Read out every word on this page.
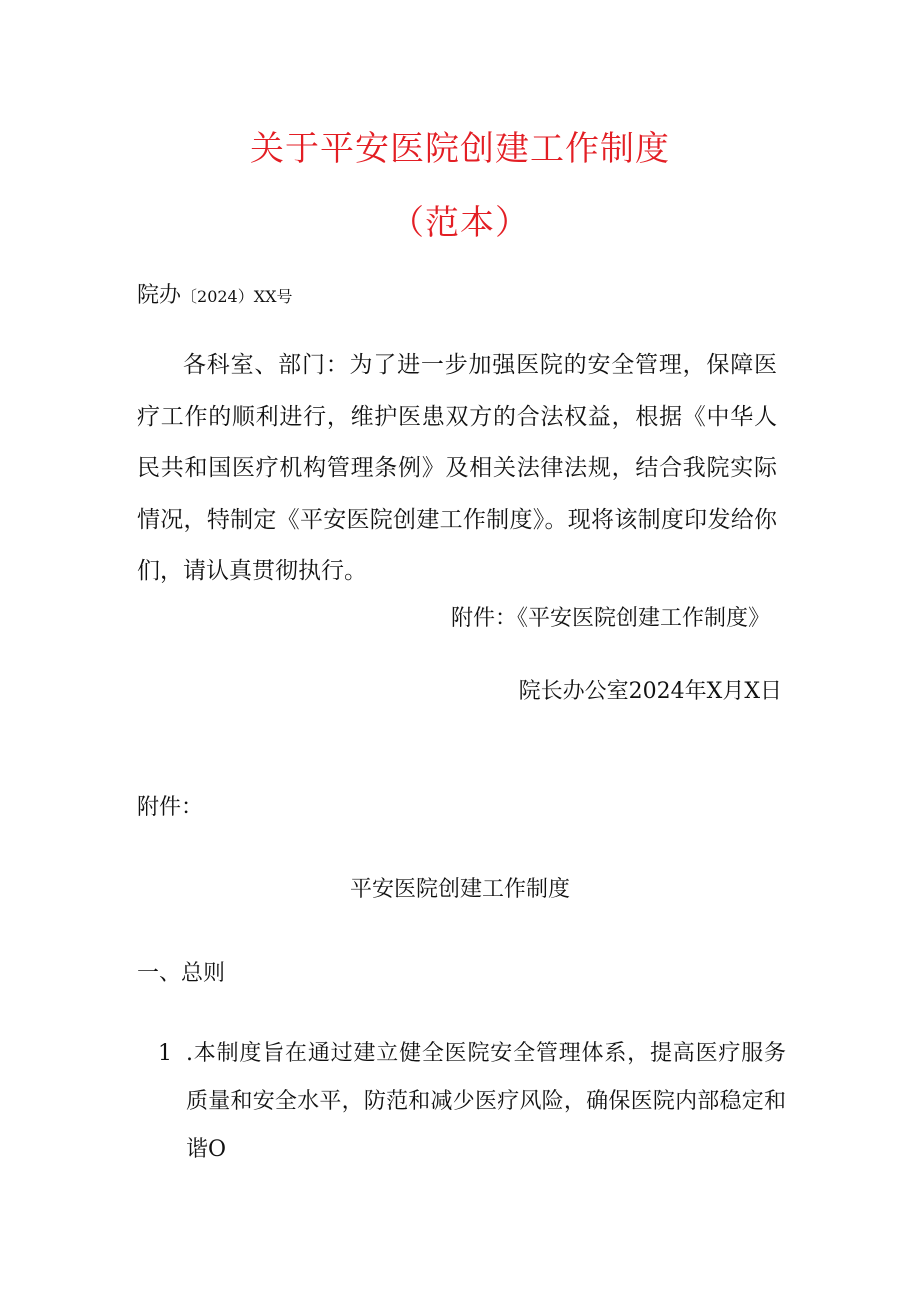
关于平安医院创建工作制度
（范本）
院办〔2024）XX号
各科室、部门：为了进一步加强医院的安全管理，保障医疗工作的顺利进行，维护医患双方的合法权益，根据《中华人民共和国医疗机构管理条例》及相关法律法规，结合我院实际情况，特制定《平安医院创建工作制度》。现将该制度印发给你们，请认真贯彻执行。
附件：《平安医院创建工作制度》
院长办公室2024年X月X日
附件：
平安医院创建工作制度
一、总则
1 .本制度旨在通过建立健全医院安全管理体系，提高医疗服务质量和安全水平，防范和减少医疗风险，确保医院内部稳定和谐O
